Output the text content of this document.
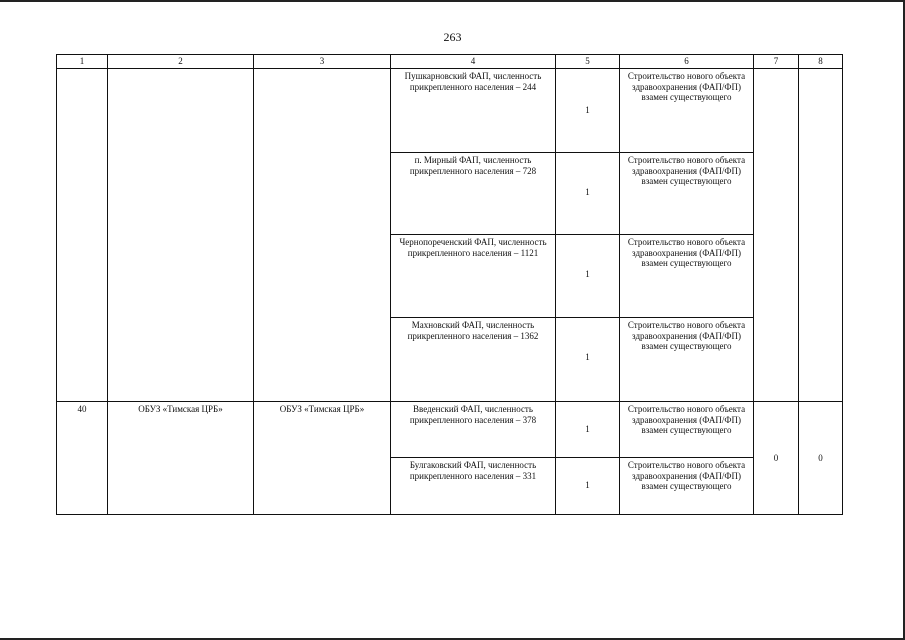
263
1	2	3	4	5	6	7	8
			Пушкарновский ФАП, численность прикрепленного населения – 244	1	Строительство нового объекта здравоохранения (ФАП/ФП) взамен существующего		
			п. Мирный ФАП, численность прикрепленного населения – 728	1	Строительство нового объекта здравоохранения (ФАП/ФП) взамен существующего		
			Чернопореченский ФАП, численность прикрепленного населения – 1121	1	Строительство нового объекта здравоохранения (ФАП/ФП) взамен существующего		
			Махновский ФАП, численность прикрепленного населения – 1362	1	Строительство нового объекта здравоохранения (ФАП/ФП) взамен существующего		
40	ОБУЗ «Тимская ЦРБ»	ОБУЗ «Тимская ЦРБ»	Введенский ФАП, численность прикрепленного населения – 378	1	Строительство нового объекта здравоохранения (ФАП/ФП) взамен существующего	0	0
			Булгаковский ФАП, численность прикрепленного населения – 331	1	Строительство нового объекта здравоохранения (ФАП/ФП) взамен существующего		
